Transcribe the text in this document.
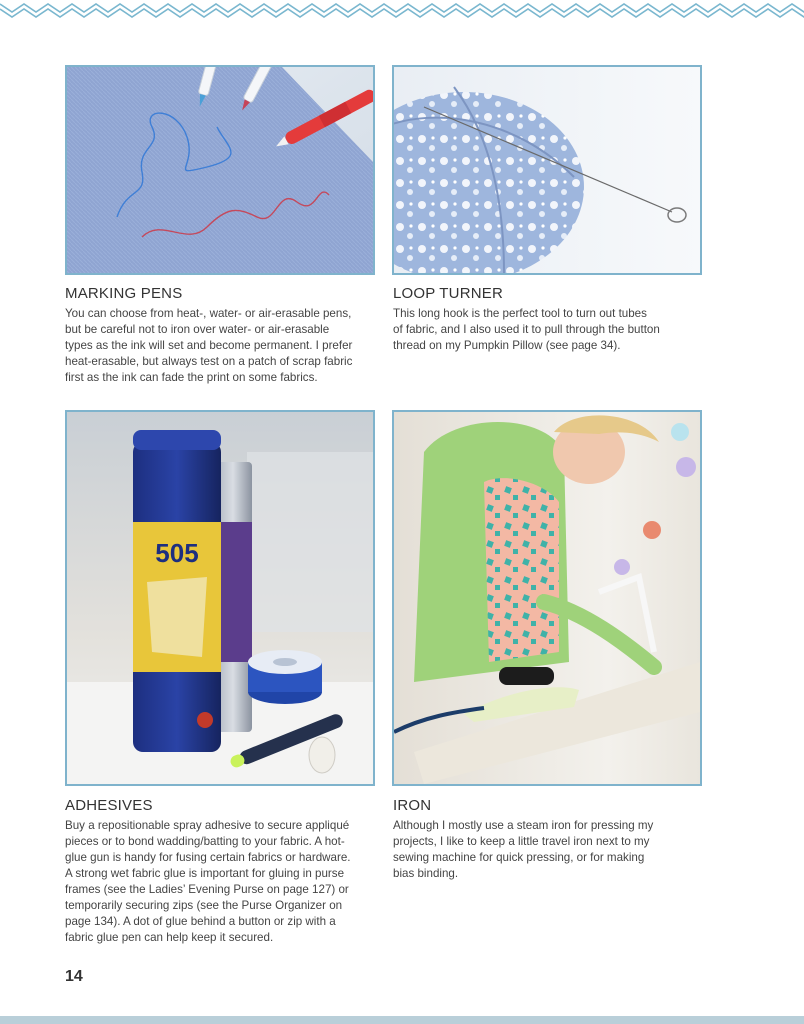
505
MARKING PENS

You can choose from heat-, water- or air-erasable pens,
but be careful not to iron over water- or air-erasable
types as the ink will set and become permanent. I prefer
heat-erasable, but always test on a patch of scrap fabric
first as the ink can fade the print on some fabrics.

LOOP TURNER

This long hook is the perfect tool to turn out tubes
of fabric, and I also used it to pull through the button
thread on my Pumpkin Pillow (see page 34).

ADHESIVES

Buy a repositionable spray adhesive to secure appliqué
pieces or to bond wadding/batting to your fabric. A hot-
glue gun is handy for fusing certain fabrics or hardware.
A strong wet fabric glue is important for gluing in purse
frames (see the Ladies’ Evening Purse on page 127) or
temporarily securing zips (see the Purse Organizer on
page 134). A dot of glue behind a button or zip with a
fabric glue pen can help keep it secured.

IRON

Although I mostly use a steam iron for pressing my
projects, I like to keep a little travel iron next to my
sewing machine for quick pressing, or for making
bias binding.

14
